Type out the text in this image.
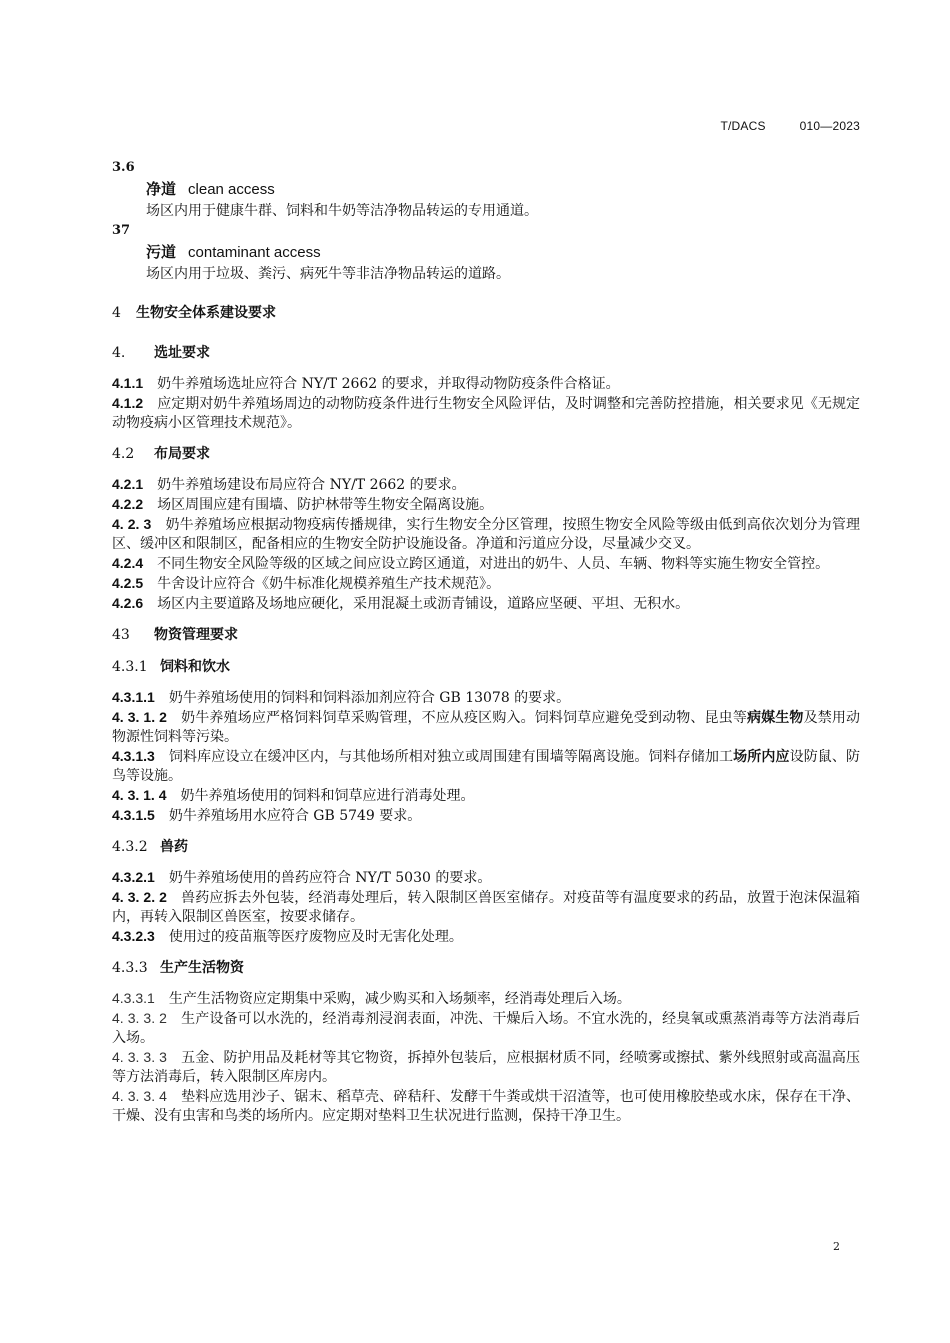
T/DACS	010—2023
3.6
净道 clean access
场区内用于健康牛群、饲料和牛奶等洁净物品转运的专用通道。
37
污道 contaminant access
场区内用于垃圾、粪污、病死牛等非洁净物品转运的道路。
4 生物安全体系建设要求
4. 选址要求
4.1.1 奶牛养殖场选址应符合 NY/T 2662 的要求，并取得动物防疫条件合格证。
4.1.2 应定期对奶牛养殖场周边的动物防疫条件进行生物安全风险评估，及时调整和完善防控措施，相关要求见《无规定动物疫病小区管理技术规范》。
4.2 布局要求
4.2.1 奶牛养殖场建设布局应符合 NY/T 2662 的要求。
4.2.2 场区周围应建有围墙、防护林带等生物安全隔离设施。
4. 2. 3 奶牛养殖场应根据动物疫病传播规律，实行生物安全分区管理，按照生物安全风险等级由低到高依次划分为管理区、缓冲区和限制区，配备相应的生物安全防护设施设备。净道和污道应分设，尽量减少交叉。
4.2.4 不同生物安全风险等级的区域之间应设立跨区通道，对进出的奶牛、人员、车辆、物料等实施生物安全管控。
4.2.5 牛舍设计应符合《奶牛标准化规模养殖生产技术规范》。
4.2.6 场区内主要道路及场地应硬化，采用混凝土或沥青铺设，道路应坚硬、平坦、无积水。
43 物资管理要求
4.3.1 饲料和饮水
4.3.1.1 奶牛养殖场使用的饲料和饲料添加剂应符合 GB 13078 的要求。
4. 3. 1. 2 奶牛养殖场应严格饲料饲草采购管理，不应从疫区购入。饲料饲草应避免受到动物、昆虫等病媒生物及禁用动物源性饲料等污染。
4.3.1.3 饲料库应设立在缓冲区内，与其他场所相对独立或周围建有围墙等隔离设施。饲料存储加工场所内应设防鼠、防鸟等设施。
4. 3. 1. 4 奶牛养殖场使用的饲料和饲草应进行消毒处理。
4.3.1.5 奶牛养殖场用水应符合 GB 5749 要求。
4.3.2 兽药
4.3.2.1 奶牛养殖场使用的兽药应符合 NY/T 5030 的要求。
4. 3. 2. 2 兽药应拆去外包装，经消毒处理后，转入限制区兽医室储存。对疫苗等有温度要求的药品，放置于泡沫保温箱内，再转入限制区兽医室，按要求储存。
4.3.2.3 使用过的疫苗瓶等医疗废物应及时无害化处理。
4.3.3 生产生活物资
4.3.3.1 生产生活物资应定期集中采购，减少购买和入场频率，经消毒处理后入场。
4. 3. 3. 2 生产设备可以水洗的，经消毒剂浸润表面，冲洗、干燥后入场。不宜水洗的，经臭氧或熏蒸消毒等方法消毒后入场。
4. 3. 3. 3 五金、防护用品及耗材等其它物资，拆掉外包装后，应根据材质不同，经喷雾或擦拭、紫外线照射或高温高压等方法消毒后，转入限制区库房内。
4. 3. 3. 4 垫料应选用沙子、锯末、稻草壳、碎秸秆、发酵干牛粪或烘干沼渣等，也可使用橡胶垫或水床，保存在干净、干燥、没有虫害和鸟类的场所内。应定期对垫料卫生状况进行监测，保持干净卫生。
2
